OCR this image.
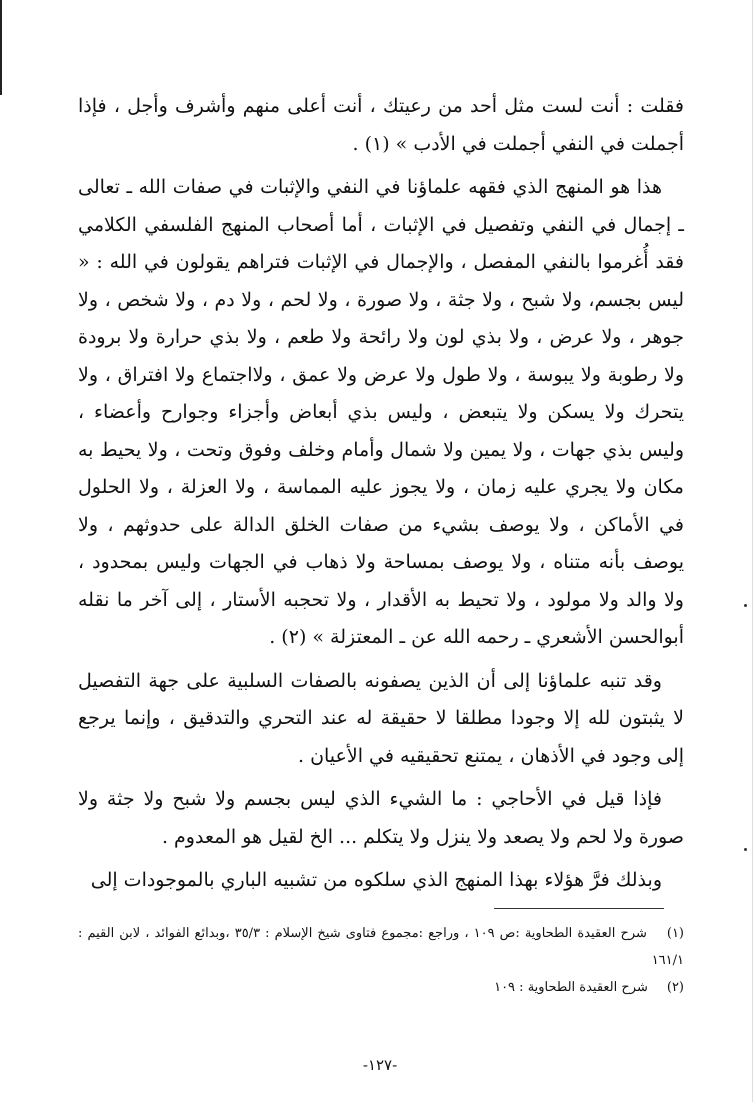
فقلت : أنت لست مثل أحد من رعيتك ، أنت أعلى منهم وأشرف وأجل ، فإذا أجملت في النفي أجملت في الأدب » (١) .

هذا هو المنهج الذي فقهه علماؤنا في النفي والإثبات في صفات الله ـ تعالى ـ إجمال في النفي وتفصيل في الإثبات ، أما أصحاب المنهج الفلسفي الكلامي فقد أُغرموا بالنفي المفصل ، والإجمال في الإثبات فتراهم يقولون في الله : « ليس بجسم، ولا شبح ، ولا جثة ، ولا صورة ، ولا لحم ، ولا دم ، ولا شخص ، ولا جوهر ، ولا عرض ، ولا بذي لون ولا رائحة ولا طعم ، ولا بذي حرارة ولا برودة ولا رطوبة ولا يبوسة ، ولا طول ولا عرض ولا عمق ، ولااجتماع ولا افتراق ، ولا يتحرك ولا يسكن ولا يتبعض ، وليس بذي أبعاض وأجزاء وجوارح وأعضاء ، وليس بذي جهات ، ولا يمين ولا شمال وأمام وخلف وفوق وتحت ، ولا يحيط به مكان ولا يجري عليه زمان ، ولا يجوز عليه المماسة ، ولا العزلة ، ولا الحلول في الأماكن ، ولا يوصف بشيء من صفات الخلق الدالة على حدوثهم ، ولا يوصف بأنه متناه ، ولا يوصف بمساحة ولا ذهاب في الجهات وليس بمحدود ، ولا والد ولا مولود ، ولا تحيط به الأقدار ، ولا تحجبه الأستار ، إلى آخر ما نقله أبوالحسن الأشعري ـ رحمه الله عن ـ المعتزلة » (٢) .

وقد تنبه علماؤنا إلى أن الذين يصفونه بالصفات السلبية على جهة التفصيل لا يثبتون لله إلا وجودا مطلقا لا حقيقة له عند التحري والتدقيق ، وإنما يرجع إلى وجود في الأذهان ، يمتنع تحقيقيه في الأعيان .

فإذا قيل في الأحاجي : ما الشيء الذي ليس بجسم ولا شبح ولا جثة ولا صورة ولا لحم ولا يصعد ولا ينزل ولا يتكلم ... الخ لقيل هو المعدوم .

وبذلك فرَّ هؤلاء بهذا المنهج الذي سلكوه من تشبيه الباري بالموجودات إلى

(١) شرح العقيدة الطحاوية :ص ١٠٩ ، وراجع :مجموع فتاوى شيخ الإسلام : ٣٥/٣ ،وبدائع الفوائد ، لابن القيم : ١٦١/١

(٢) شرح العقيدة الطحاوية : ١٠٩

-١٢٧-
